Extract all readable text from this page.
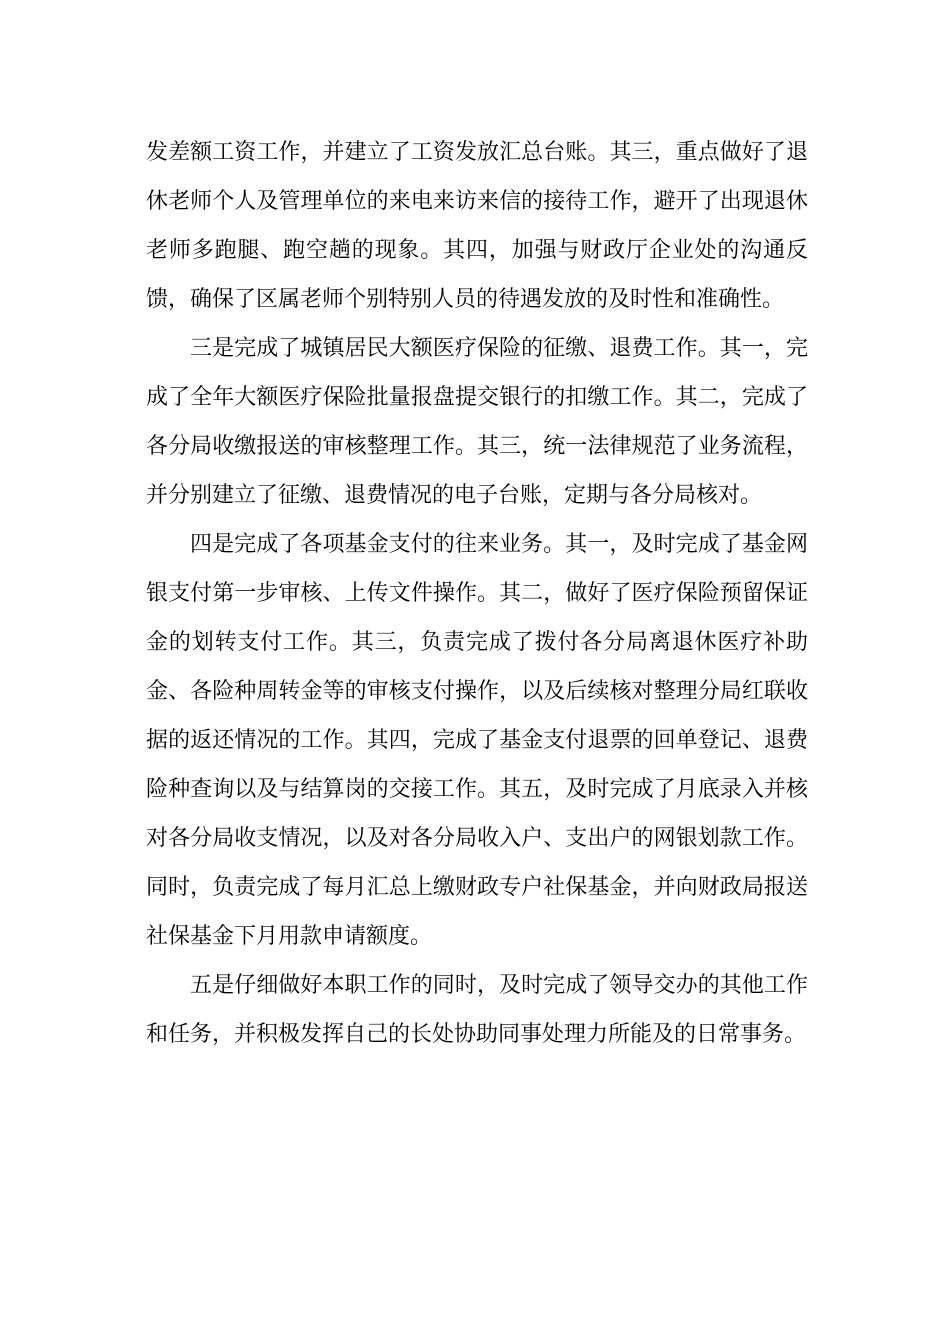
发差额工资工作，并建立了工资发放汇总台账。其三，重点做好了退休老师个人及管理单位的来电来访来信的接待工作，避开了出现退休老师多跑腿、跑空趟的现象。其四，加强与财政厅企业处的沟通反馈，确保了区属老师个别特别人员的待遇发放的及时性和准确性。

三是完成了城镇居民大额医疗保险的征缴、退费工作。其一，完成了全年大额医疗保险批量报盘提交银行的扣缴工作。其二，完成了各分局收缴报送的审核整理工作。其三，统一法律规范了业务流程，并分别建立了征缴、退费情况的电子台账，定期与各分局核对。

四是完成了各项基金支付的往来业务。其一，及时完成了基金网银支付第一步审核、上传文件操作。其二，做好了医疗保险预留保证金的划转支付工作。其三，负责完成了拨付各分局离退休医疗补助金、各险种周转金等的审核支付操作，以及后续核对整理分局红联收据的返还情况的工作。其四，完成了基金支付退票的回单登记、退费险种查询以及与结算岗的交接工作。其五，及时完成了月底录入并核对各分局收支情况，以及对各分局收入户、支出户的网银划款工作。同时，负责完成了每月汇总上缴财政专户社保基金，并向财政局报送社保基金下月用款申请额度。

五是仔细做好本职工作的同时，及时完成了领导交办的其他工作和任务，并积极发挥自己的长处协助同事处理力所能及的日常事务。
